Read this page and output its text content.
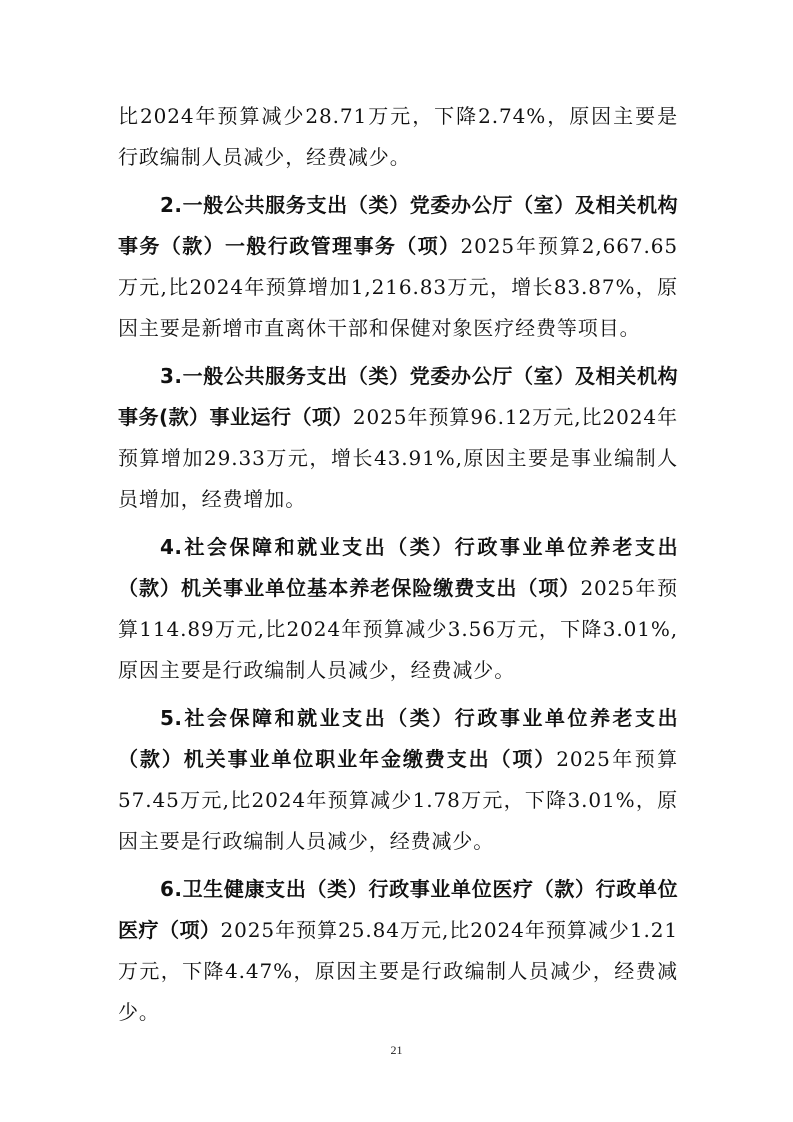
比2024年预算减少28.71万元，下降2.74%，原因主要是行政编制人员减少，经费减少。

2.一般公共服务支出（类）党委办公厅（室）及相关机构事务（款）一般行政管理事务（项）2025年预算2,667.65万元,比2024年预算增加1,216.83万元，增长83.87%，原因主要是新增市直离休干部和保健对象医疗经费等项目。

3.一般公共服务支出（类）党委办公厅（室）及相关机构事务(款）事业运行（项）2025年预算96.12万元,比2024年预算增加29.33万元，增长43.91%,原因主要是事业编制人员增加，经费增加。

4.社会保障和就业支出（类）行政事业单位养老支出（款）机关事业单位基本养老保险缴费支出（项）2025年预算114.89万元,比2024年预算减少3.56万元，下降3.01%,原因主要是行政编制人员减少，经费减少。

5.社会保障和就业支出（类）行政事业单位养老支出（款）机关事业单位职业年金缴费支出（项）2025年预算57.45万元,比2024年预算减少1.78万元，下降3.01%，原因主要是行政编制人员减少，经费减少。

6.卫生健康支出（类）行政事业单位医疗（款）行政单位医疗（项）2025年预算25.84万元,比2024年预算减少1.21万元，下降4.47%，原因主要是行政编制人员减少，经费减少。

21
